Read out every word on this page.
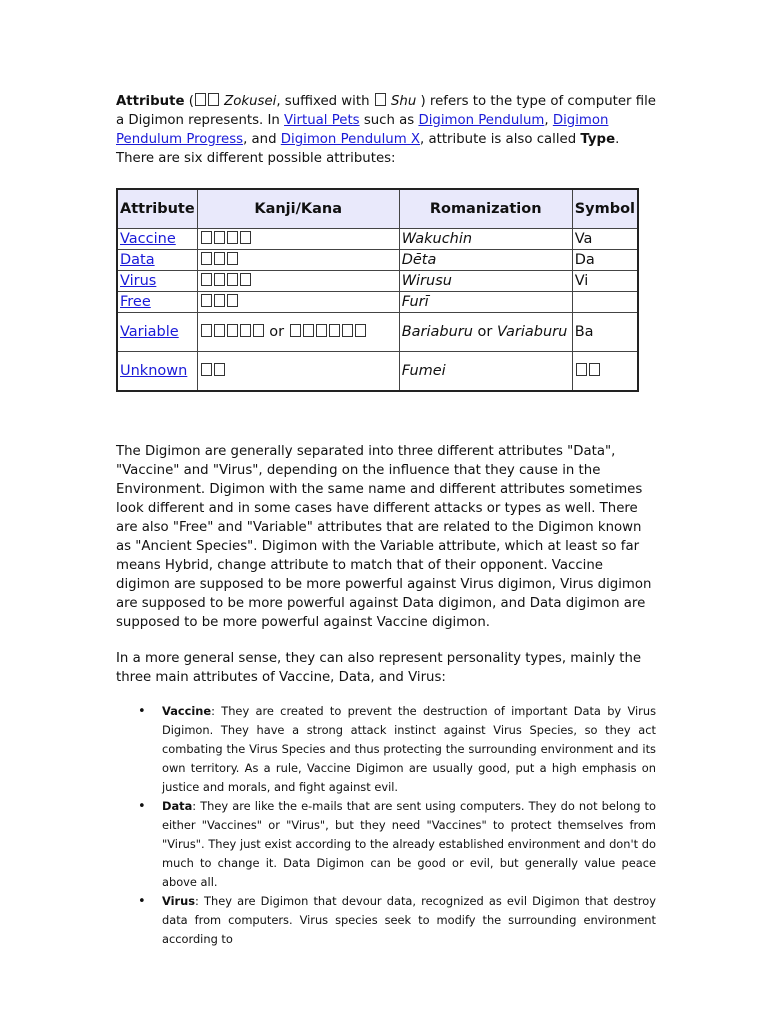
Attribute ( Zokusei, suffixed with  Shu ) refers to the type of computer file a Digimon represents. In Virtual Pets such as Digimon Pendulum, Digimon Pendulum Progress, and Digimon Pendulum X, attribute is also called Type. There are six different possible attributes:

Attribute	Kanji/Kana	Romanization	Symbol
Vaccine		Wakuchin	Va
Data		Dēta	Da
Virus		Wirusu	Vi
Free		Furī	
Variable	or	Bariaburu or Variaburu	Ba
Unknown		Fumei	

The Digimon are generally separated into three different attributes "Data", "Vaccine" and "Virus", depending on the influence that they cause in the Environment. Digimon with the same name and different attributes sometimes look different and in some cases have different attacks or types as well. There are also "Free" and "Variable" attributes that are related to the Digimon known as "Ancient Species". Digimon with the Variable attribute, which at least so far means Hybrid, change attribute to match that of their opponent. Vaccine digimon are supposed to be more powerful against Virus digimon, Virus digimon are supposed to be more powerful against Data digimon, and Data digimon are supposed to be more powerful against Vaccine digimon.

In a more general sense, they can also represent personality types, mainly the three main attributes of Vaccine, Data, and Virus:

• Vaccine: They are created to prevent the destruction of important Data by Virus Digimon. They have a strong attack instinct against Virus Species, so they act combating the Virus Species and thus protecting the surrounding environment and its own territory. As a rule, Vaccine Digimon are usually good, put a high emphasis on justice and morals, and fight against evil.
• Data: They are like the e-mails that are sent using computers. They do not belong to either "Vaccines" or "Virus", but they need "Vaccines" to protect themselves from "Virus". They just exist according to the already established environment and don't do much to change it. Data Digimon can be good or evil, but generally value peace above all.
• Virus: They are Digimon that devour data, recognized as evil Digimon that destroy data from computers. Virus species seek to modify the surrounding environment according to
